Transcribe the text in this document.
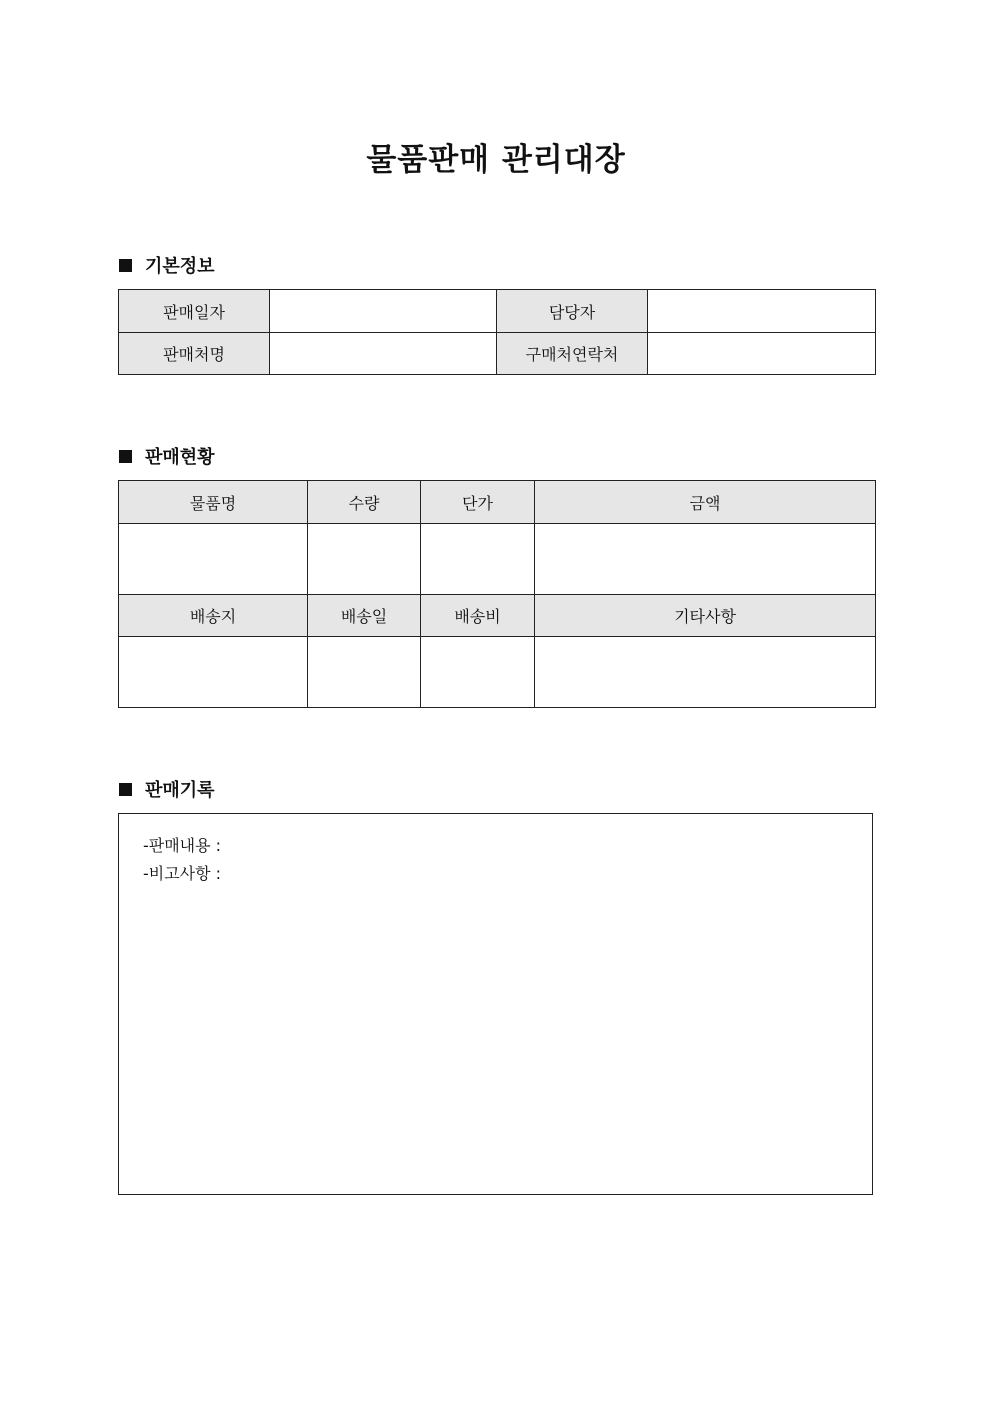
물품판매 관리대장
기본정보
판매일자		담당자	
판매처명		구매처연락처	
판매현황
물품명	수량	단가	금액

배송지	배송일	배송비	기타사항

판매기록
-판매내용 :
-비고사항 :
